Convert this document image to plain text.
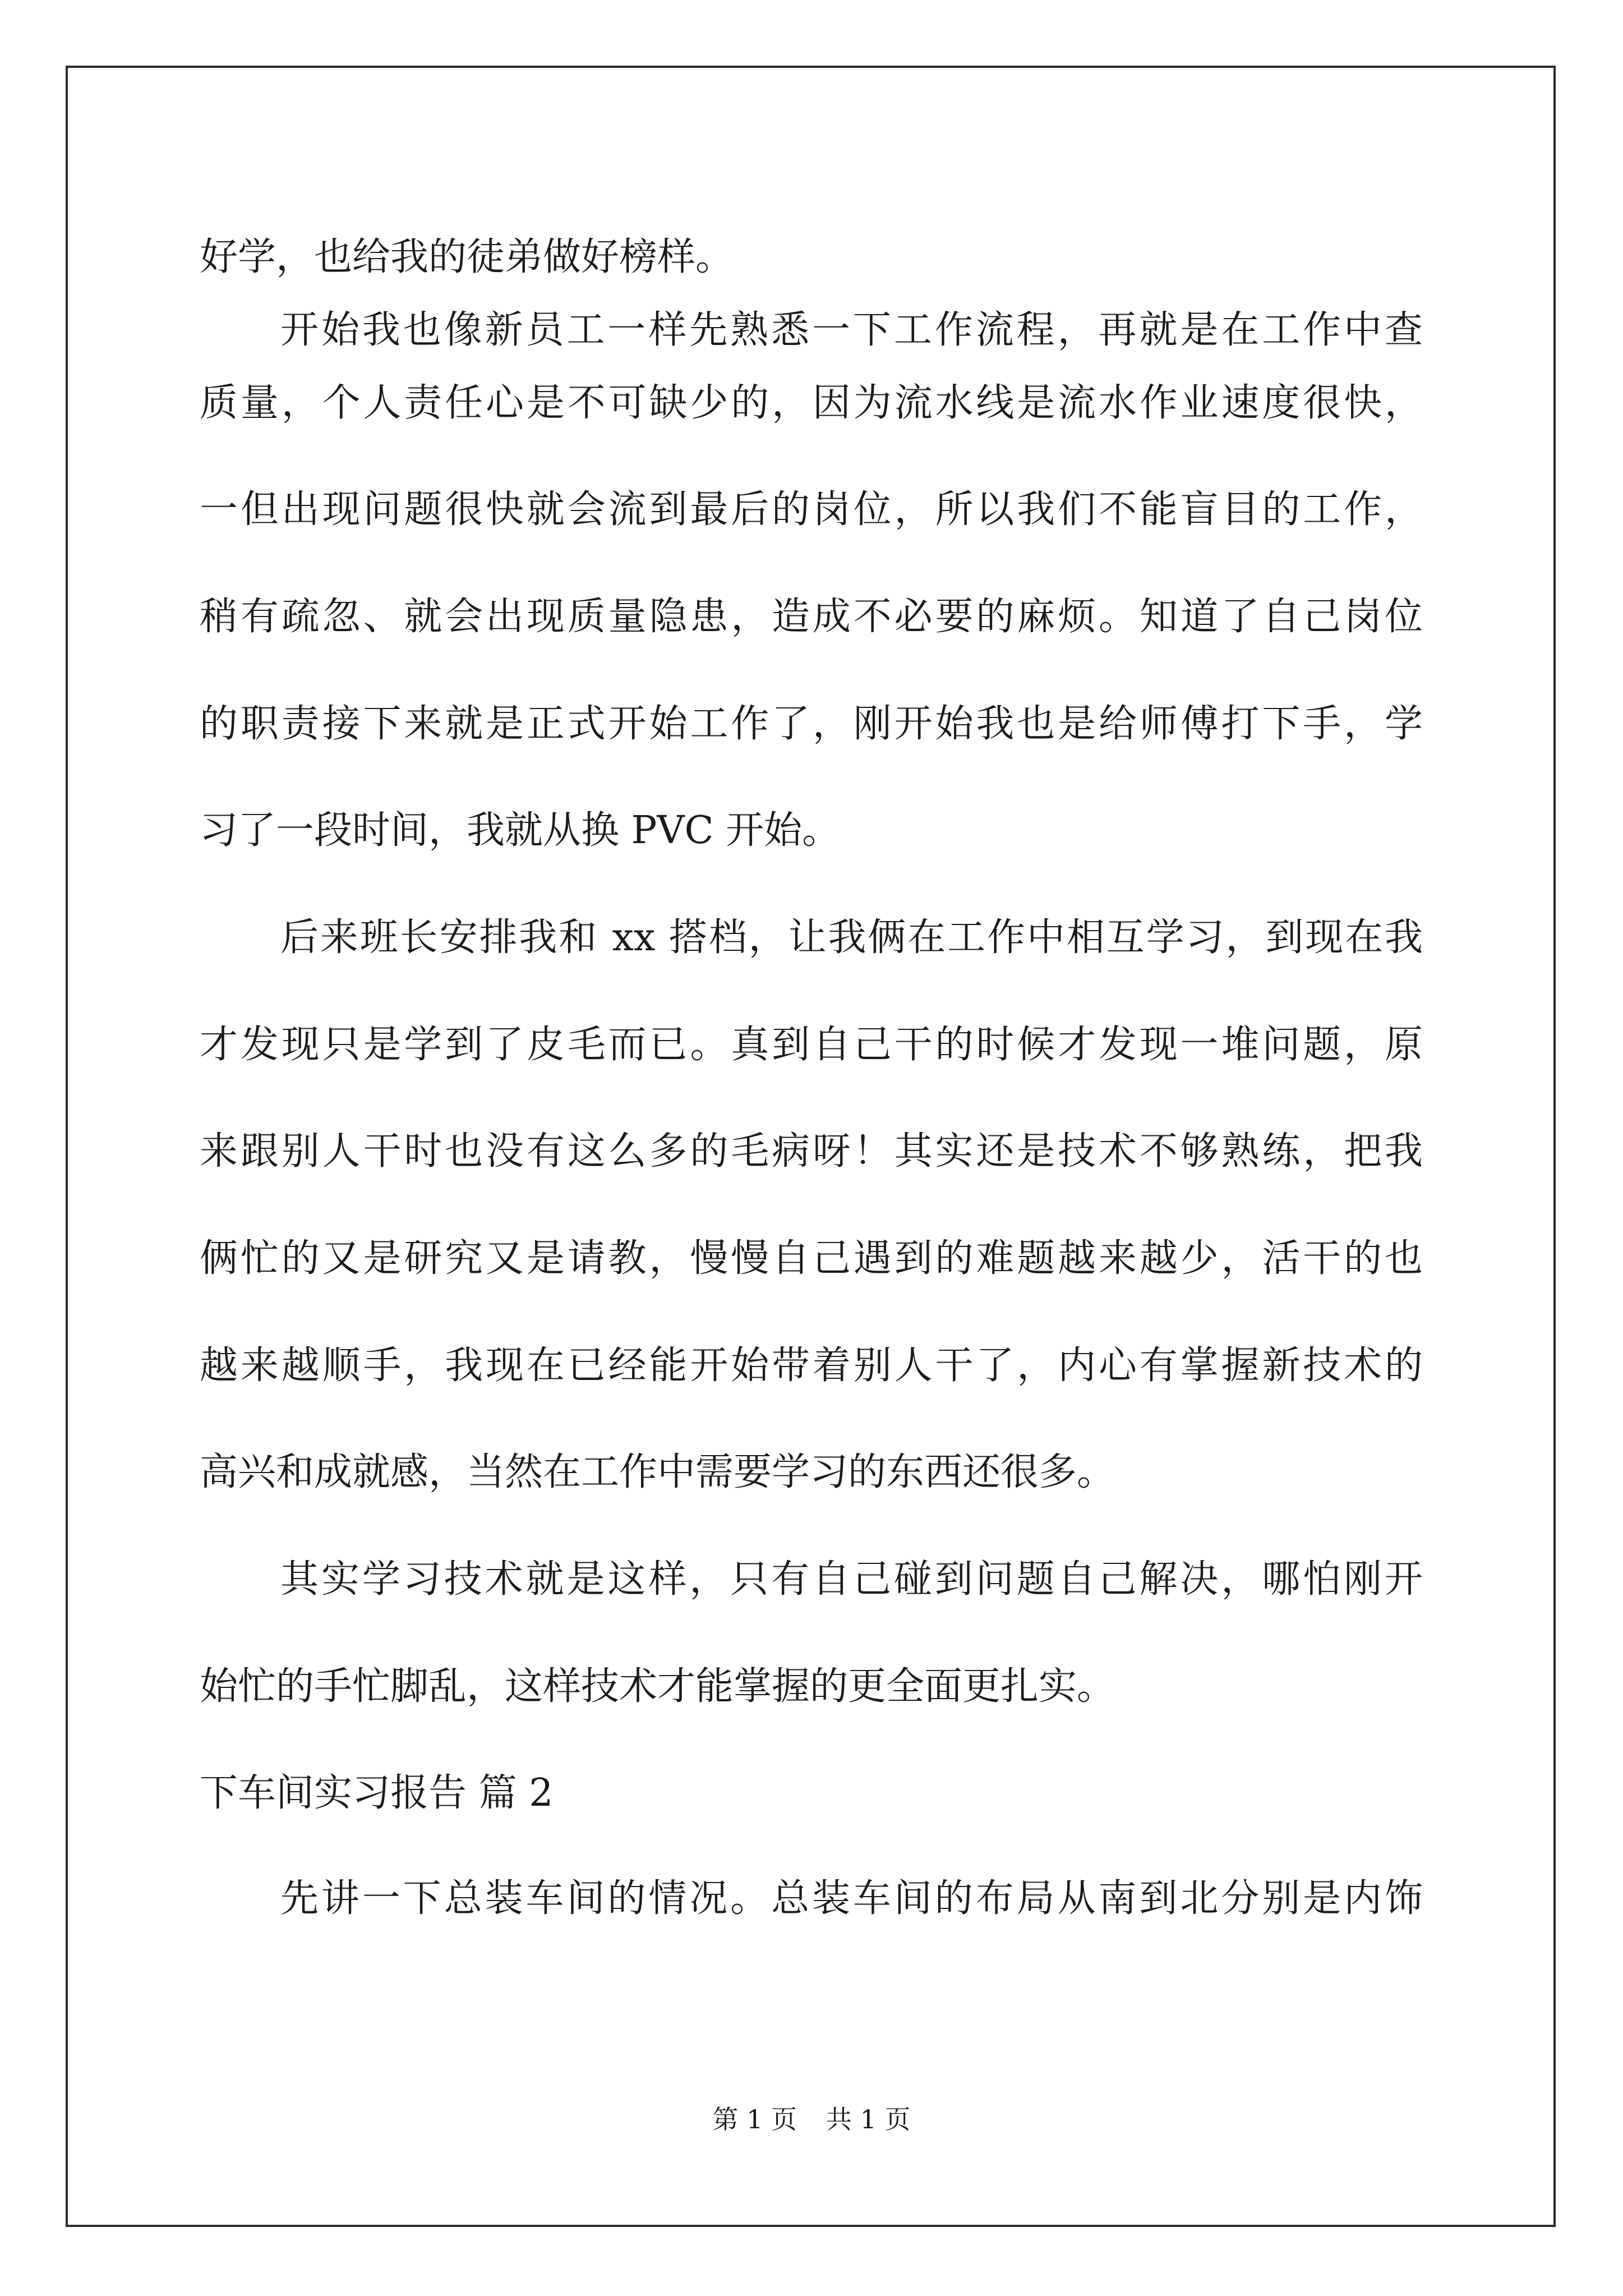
好学，也给我的徒弟做好榜样。
开始我也像新员工一样先熟悉一下工作流程，再就是在工作中查
质量，个人责任心是不可缺少的，因为流水线是流水作业速度很快，
一但出现问题很快就会流到最后的岗位，所以我们不能盲目的工作，
稍有疏忽、就会出现质量隐患，造成不必要的麻烦。知道了自己岗位
的职责接下来就是正式开始工作了，刚开始我也是给师傅打下手，学
习了一段时间，我就从换 PVC 开始。
后来班长安排我和 xx 搭档，让我俩在工作中相互学习，到现在我
才发现只是学到了皮毛而已。真到自己干的时候才发现一堆问题，原
来跟别人干时也没有这么多的毛病呀！其实还是技术不够熟练，把我
俩忙的又是研究又是请教，慢慢自己遇到的难题越来越少，活干的也
越来越顺手，我现在已经能开始带着别人干了，内心有掌握新技术的
高兴和成就感，当然在工作中需要学习的东西还很多。
其实学习技术就是这样，只有自己碰到问题自己解决，哪怕刚开
始忙的手忙脚乱，这样技术才能掌握的更全面更扎实。
下车间实习报告 篇 2
先讲一下总装车间的情况。总装车间的布局从南到北分别是内饰
第 1 页 共 1 页
